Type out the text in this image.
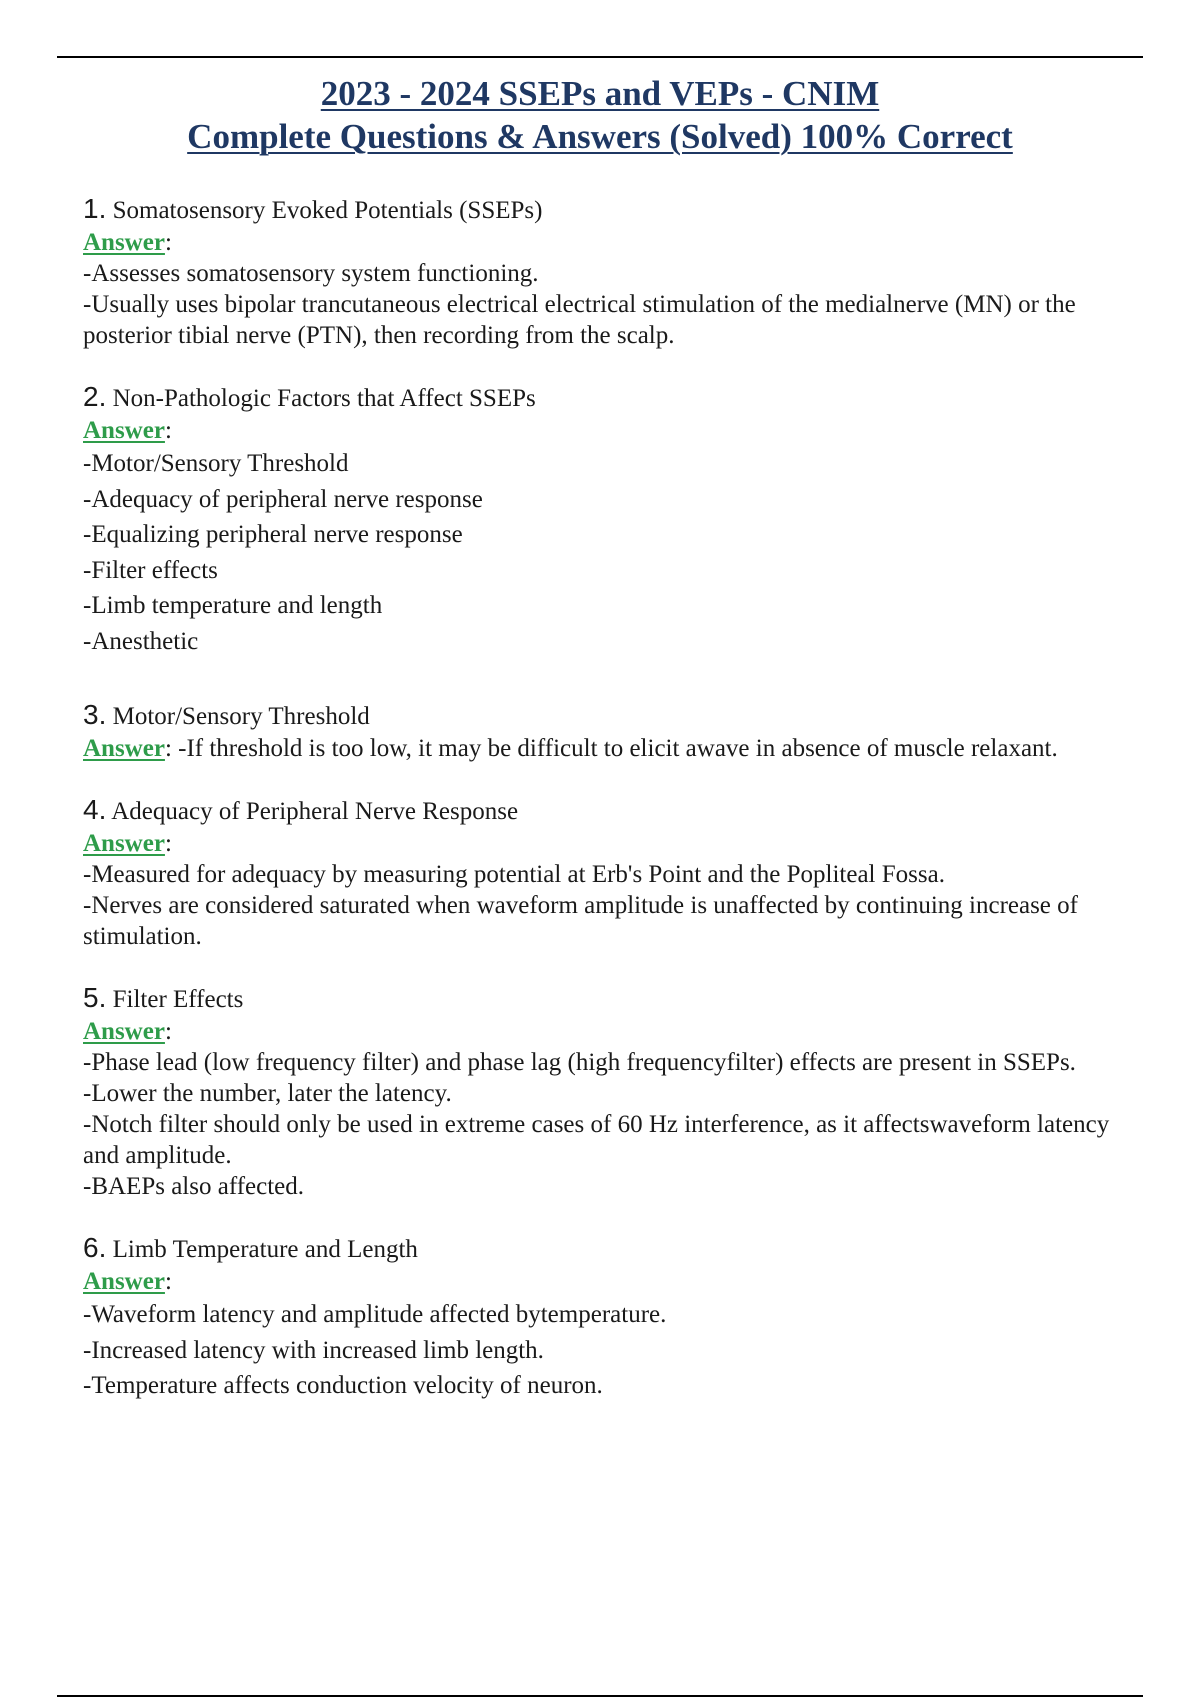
2023 - 2024 SSEPs and VEPs - CNIM
Complete Questions & Answers (Solved) 100% Correct
1. Somatosensory Evoked Potentials (SSEPs)
Answer:
-Assesses somatosensory system functioning.
-Usually uses bipolar trancutaneous electrical electrical stimulation of the medialnerve (MN) or the posterior tibial nerve (PTN), then recording from the scalp.
2. Non-Pathologic Factors that Affect SSEPs
Answer:
-Motor/Sensory Threshold
-Adequacy of peripheral nerve response
-Equalizing peripheral nerve response
-Filter effects
-Limb temperature and length
-Anesthetic
3. Motor/Sensory Threshold
Answer: -If threshold is too low, it may be difficult to elicit awave in absence of muscle relaxant.
4. Adequacy of Peripheral Nerve Response
Answer:
-Measured for adequacy by measuring potential at Erb's Point and the Popliteal Fossa.
-Nerves are considered saturated when waveform amplitude is unaffected by continuing increase of stimulation.
5. Filter Effects
Answer:
-Phase lead (low frequency filter) and phase lag (high frequencyfilter) effects are present in SSEPs.
-Lower the number, later the latency.
-Notch filter should only be used in extreme cases of 60 Hz interference, as it affectswaveform latency and amplitude.
-BAEPs also affected.
6. Limb Temperature and Length
Answer:
-Waveform latency and amplitude affected bytemperature.
-Increased latency with increased limb length.
-Temperature affects conduction velocity of neuron.
